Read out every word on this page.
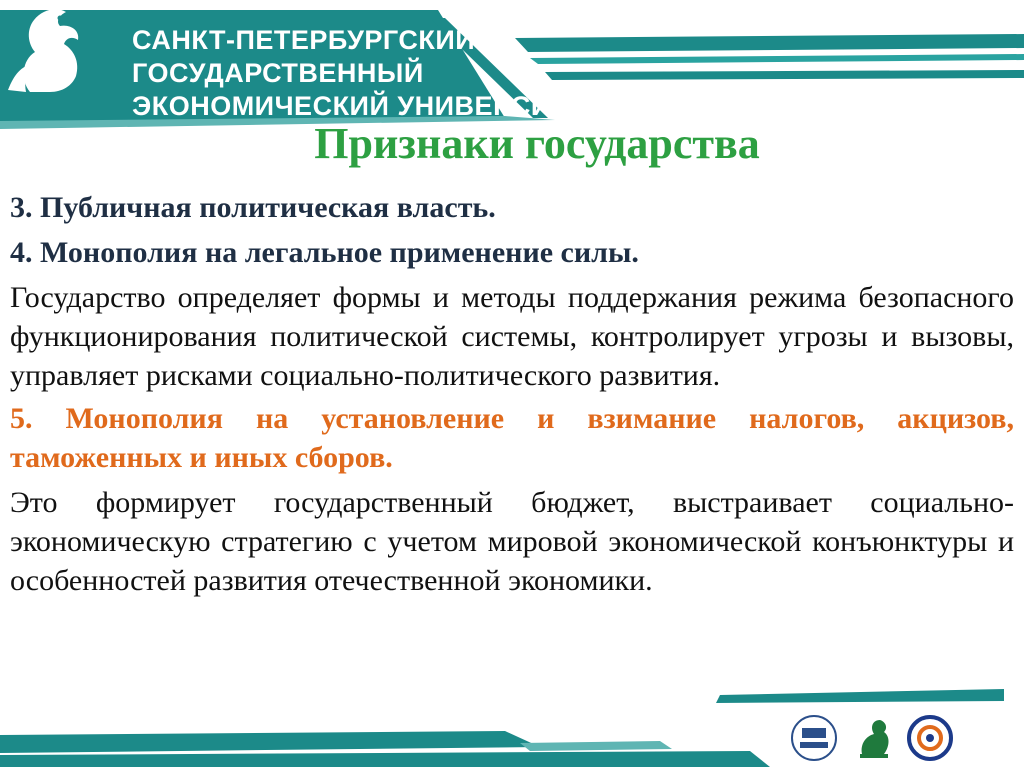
САНКТ-ПЕТЕРБУРГСКИЙ
ГОСУДАРСТВЕННЫЙ
ЭКОНОМИЧЕСКИЙ УНИВЕРСИТЕТ
Признаки государства

3. Публичная политическая власть.

4. Монополия на легальное применение силы.

Государство определяет формы и методы поддержания режима безопасного функционирования политической системы, контролирует угрозы и вызовы, управляет рисками социально-политического развития.

5. Монополия на установление и взимание налогов, акцизов, таможенных и иных сборов.

Это формирует государственный бюджет, выстраивает социально-экономическую стратегию с учетом мировой экономической конъюнктуры и особенностей развития отечественной экономики.
